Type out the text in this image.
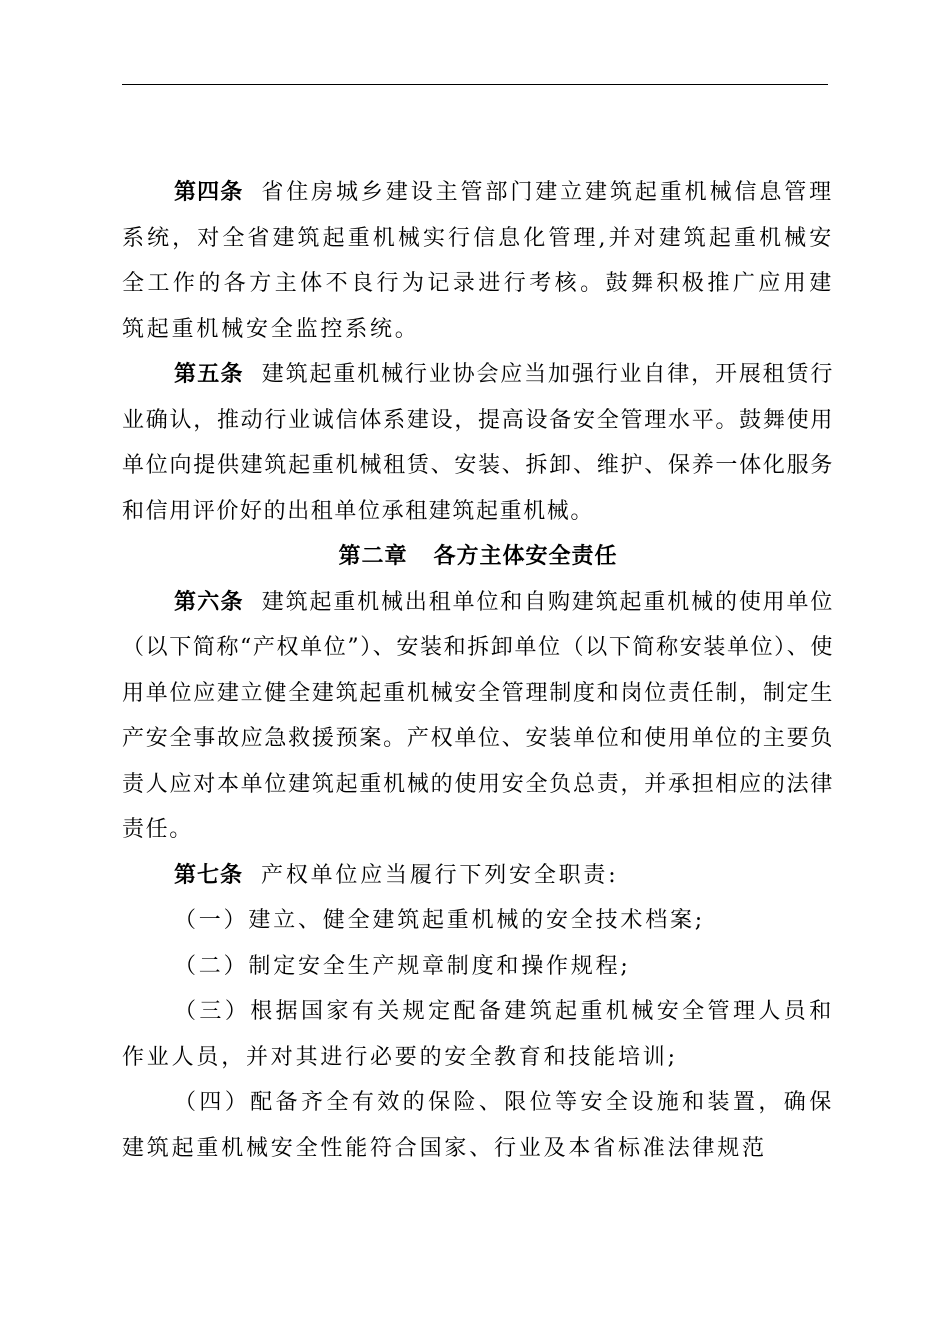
第四条 省住房城乡建设主管部门建立建筑起重机械信息管理系统，对全省建筑起重机械实行信息化管理,并对建筑起重机械安全工作的各方主体不良行为记录进行考核。鼓舞积极推广应用建筑起重机械安全监控系统。

第五条 建筑起重机械行业协会应当加强行业自律，开展租赁行业确认，推动行业诚信体系建设，提高设备安全管理水平。鼓舞使用单位向提供建筑起重机械租赁、安装、拆卸、维护、保养一体化服务和信用评价好的出租单位承租建筑起重机械。

第二章 各方主体安全责任

第六条 建筑起重机械出租单位和自购建筑起重机械的使用单位（以下简称“产权单位”）、安装和拆卸单位（以下简称安装单位）、使用单位应建立健全建筑起重机械安全管理制度和岗位责任制，制定生产安全事故应急救援预案。产权单位、安装单位和使用单位的主要负责人应对本单位建筑起重机械的使用安全负总责，并承担相应的法律责任。

第七条 产权单位应当履行下列安全职责:

（一）建立、健全建筑起重机械的安全技术档案;

（二）制定安全生产规章制度和操作规程;

（三）根据国家有关规定配备建筑起重机械安全管理人员和作业人员，并对其进行必要的安全教育和技能培训;

（四）配备齐全有效的保险、限位等安全设施和装置，确保建筑起重机械安全性能符合国家、行业及本省标准法律规范
